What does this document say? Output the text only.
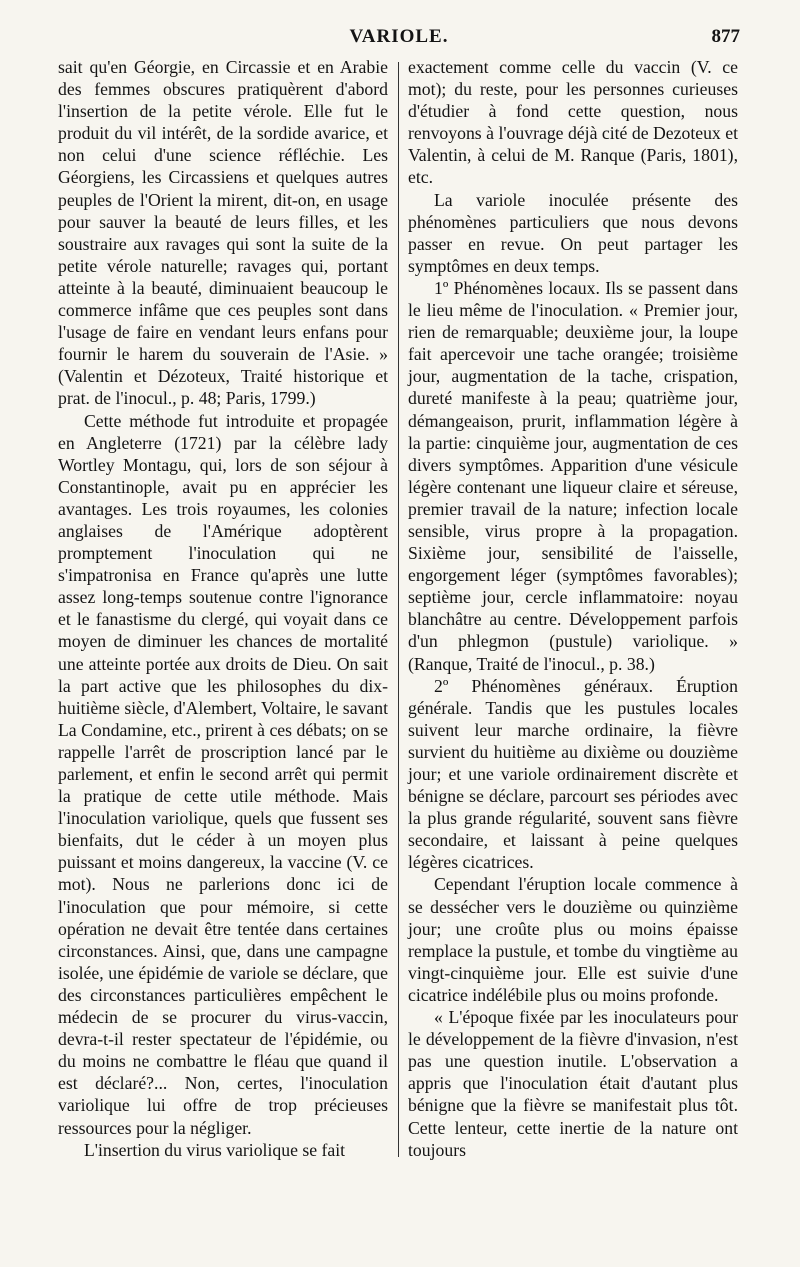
VARIOLE.	877

sait qu'en Géorgie, en Circassie et en Arabie des femmes obscures pratiquèrent d'abord l'insertion de la petite vérole. Elle fut le produit du vil intérêt, de la sordide avarice, et non celui d'une science réfléchie. Les Géorgiens, les Circassiens et quelques autres peuples de l'Orient la mirent, dit-on, en usage pour sauver la beauté de leurs filles, et les soustraire aux ravages qui sont la suite de la petite vérole naturelle; ravages qui, portant atteinte à la beauté, diminuaient beaucoup le commerce infâme que ces peuples sont dans l'usage de faire en vendant leurs enfans pour fournir le harem du souverain de l'Asie. » (Valentin et Dézoteux, Traité historique et prat. de l'inocul., p. 48; Paris, 1799.)

Cette méthode fut introduite et propagée en Angleterre (1721) par la célèbre lady Wortley Montagu, qui, lors de son séjour à Constantinople, avait pu en apprécier les avantages. Les trois royaumes, les colonies anglaises de l'Amérique adoptèrent promptement l'inoculation qui ne s'impatronisa en France qu'après une lutte assez long-temps soutenue contre l'ignorance et le fanastisme du clergé, qui voyait dans ce moyen de diminuer les chances de mortalité une atteinte portée aux droits de Dieu. On sait la part active que les philosophes du dix-huitième siècle, d'Alembert, Voltaire, le savant La Condamine, etc., prirent à ces débats; on se rappelle l'arrêt de proscription lancé par le parlement, et enfin le second arrêt qui permit la pratique de cette utile méthode. Mais l'inoculation variolique, quels que fussent ses bienfaits, dut le céder à un moyen plus puissant et moins dangereux, la vaccine (V. ce mot). Nous ne parlerions donc ici de l'inoculation que pour mémoire, si cette opération ne devait être tentée dans certaines circonstances. Ainsi, que, dans une campagne isolée, une épidémie de variole se déclare, que des circonstances particulières empêchent le médecin de se procurer du virus-vaccin, devra-t-il rester spectateur de l'épidémie, ou du moins ne combattre le fléau que quand il est déclaré?... Non, certes, l'inoculation variolique lui offre de trop précieuses ressources pour la négliger.

L'insertion du virus variolique se fait

exactement comme celle du vaccin (V. ce mot); du reste, pour les personnes curieuses d'étudier à fond cette question, nous renvoyons à l'ouvrage déjà cité de Dezoteux et Valentin, à celui de M. Ranque (Paris, 1801), etc.

La variole inoculée présente des phénomènes particuliers que nous devons passer en revue. On peut partager les symptômes en deux temps.

1º Phénomènes locaux. Ils se passent dans le lieu même de l'inoculation. « Premier jour, rien de remarquable; deuxième jour, la loupe fait apercevoir une tache orangée; troisième jour, augmentation de la tache, crispation, dureté manifeste à la peau; quatrième jour, démangeaison, prurit, inflammation légère à la partie: cinquième jour, augmentation de ces divers symptômes. Apparition d'une vésicule légère contenant une liqueur claire et séreuse, premier travail de la nature; infection locale sensible, virus propre à la propagation. Sixième jour, sensibilité de l'aisselle, engorgement léger (symptômes favorables); septième jour, cercle inflammatoire: noyau blanchâtre au centre. Développement parfois d'un phlegmon (pustule) variolique. » (Ranque, Traité de l'inocul., p. 38.)

2º Phénomènes généraux. Éruption générale. Tandis que les pustules locales suivent leur marche ordinaire, la fièvre survient du huitième au dixième ou douzième jour; et une variole ordinairement discrète et bénigne se déclare, parcourt ses périodes avec la plus grande régularité, souvent sans fièvre secondaire, et laissant à peine quelques légères cicatrices.

Cependant l'éruption locale commence à se dessécher vers le douzième ou quinzième jour; une croûte plus ou moins épaisse remplace la pustule, et tombe du vingtième au vingt-cinquième jour. Elle est suivie d'une cicatrice indélébile plus ou moins profonde.

« L'époque fixée par les inoculateurs pour le développement de la fièvre d'invasion, n'est pas une question inutile. L'observation a appris que l'inoculation était d'autant plus bénigne que la fièvre se manifestait plus tôt. Cette lenteur, cette inertie de la nature ont toujours
